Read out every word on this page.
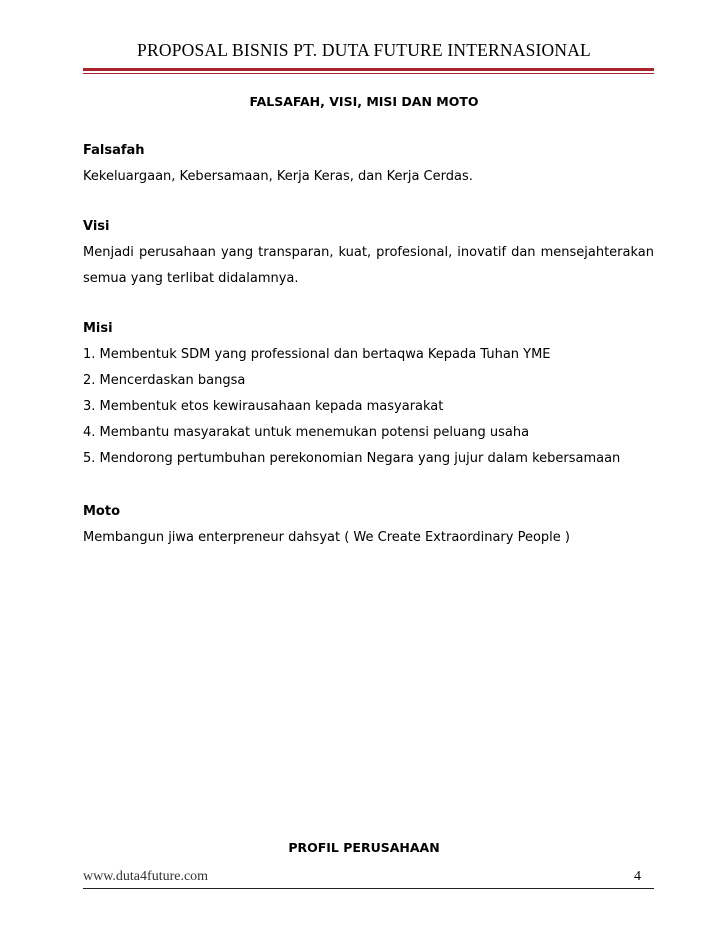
PROPOSAL BISNIS PT. DUTA FUTURE INTERNASIONAL
FALSAFAH, VISI, MISI DAN MOTO
Falsafah
Kekeluargaan, Kebersamaan, Kerja Keras, dan Kerja Cerdas.
Visi
Menjadi perusahaan yang transparan, kuat, profesional, inovatif dan mensejahterakan
semua yang terlibat didalamnya.
Misi
1. Membentuk SDM yang professional dan bertaqwa Kepada Tuhan YME
2. Mencerdaskan bangsa
3. Membentuk etos kewirausahaan kepada masyarakat
4. Membantu masyarakat untuk menemukan potensi peluang usaha
5. Mendorong pertumbuhan perekonomian Negara yang jujur dalam kebersamaan
Moto
Membangun jiwa enterpreneur dahsyat ( We Create Extraordinary People )
PROFIL PERUSAHAAN
www.duta4future.com	4
